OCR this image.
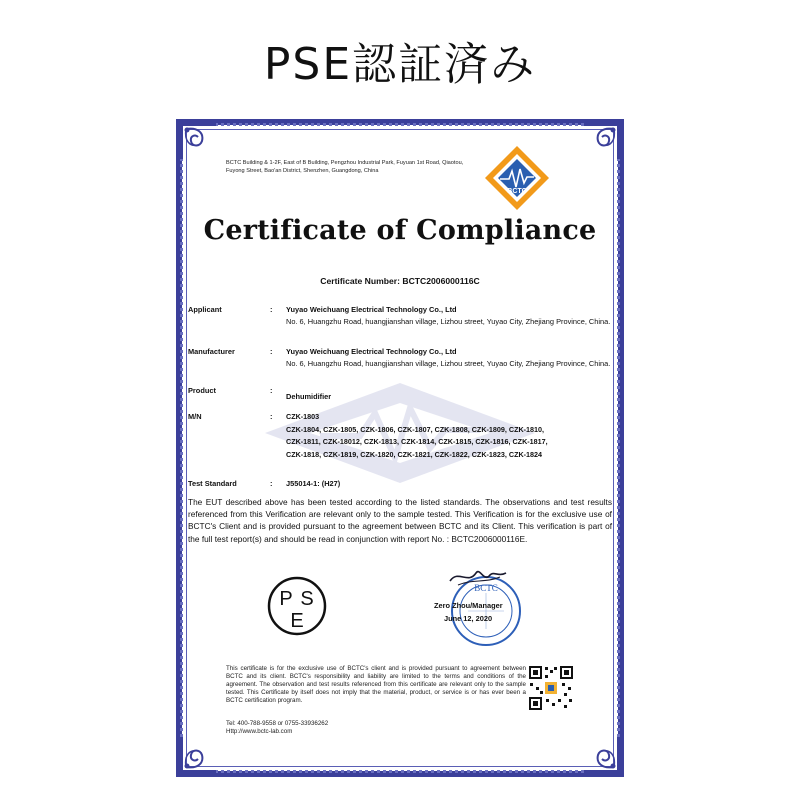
PSE認証済み
BCTC Building & 1-2F, East of B Building, Pengzhou Industrial Park, Fuyuan 1st Road, Qiaotou, Fuyong Street, Bao'an District, Shenzhen, Guangdong, China
BCTC
Certificate of Compliance
Certificate Number: BCTC2006000116C
Applicant	: Yuyao Weichuang Electrical Technology Co., Ltd
No. 6, Huangzhu Road, huangjianshan village, Lizhou street, Yuyao City, Zhejiang Province, China.
Manufacturer	: Yuyao Weichuang Electrical Technology Co., Ltd
No. 6, Huangzhu Road, huangjianshan village, Lizhou street, Yuyao City, Zhejiang Province, China.
Product	:
Dehumidifier
M/N	: CZK-1803
CZK-1804, CZK-1805, CZK-1806, CZK-1807, CZK-1808, CZK-1809, CZK-1810,
CZK-1811, CZK-18012, CZK-1813, CZK-1814, CZK-1815, CZK-1816, CZK-1817,
CZK-1818, CZK-1819, CZK-1820, CZK-1821, CZK-1822, CZK-1823, CZK-1824
Test Standard	: J55014-1: (H27)
The EUT described above has been tested according to the listed standards. The observations and test results referenced from this Verification are relevant only to the sample tested. This Verification is for the exclusive use of BCTC's Client and is provided pursuant to the agreement between BCTC and its Client. This verification is part of the full test report(s) and should be read in conjunction with report No. : BCTC2006000116E.
P S
E
BCTC
Zero Zhou/Manager
June 12, 2020
This certificate is for the exclusive use of BCTC's client and is provided pursuant to agreement between BCTC and its client. BCTC's responsibility and liability are limited to the terms and conditions of the agreement. The observation and test results referenced from this certificate are relevant only to the sample tested. This Certificate by itself does not imply that the material, product, or service is or has ever been a BCTC certification program.
Tel: 400-788-9558 or 0755-33936262
Http://www.bctc-lab.com
